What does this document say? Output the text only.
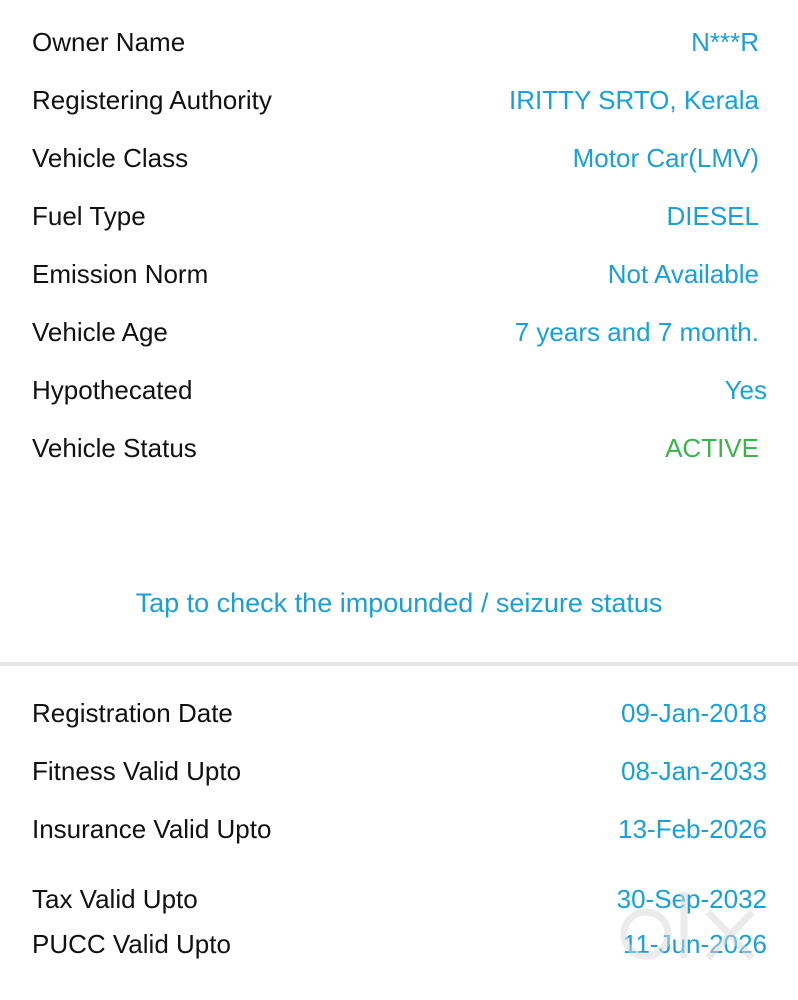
Owner Name	N***R
Registering Authority	IRITTY SRTO, Kerala
Vehicle Class	Motor Car(LMV)
Fuel Type	DIESEL
Emission Norm	Not Available
Vehicle Age	7 years and 7 month.
Hypothecated	Yes
Vehicle Status	ACTIVE
Tap to check the impounded / seizure status
Registration Date	09-Jan-2018
Fitness Valid Upto	08-Jan-2033
Insurance Valid Upto	13-Feb-2026
Tax Valid Upto	30-Sep-2032
PUCC Valid Upto	11-Jun-2026
